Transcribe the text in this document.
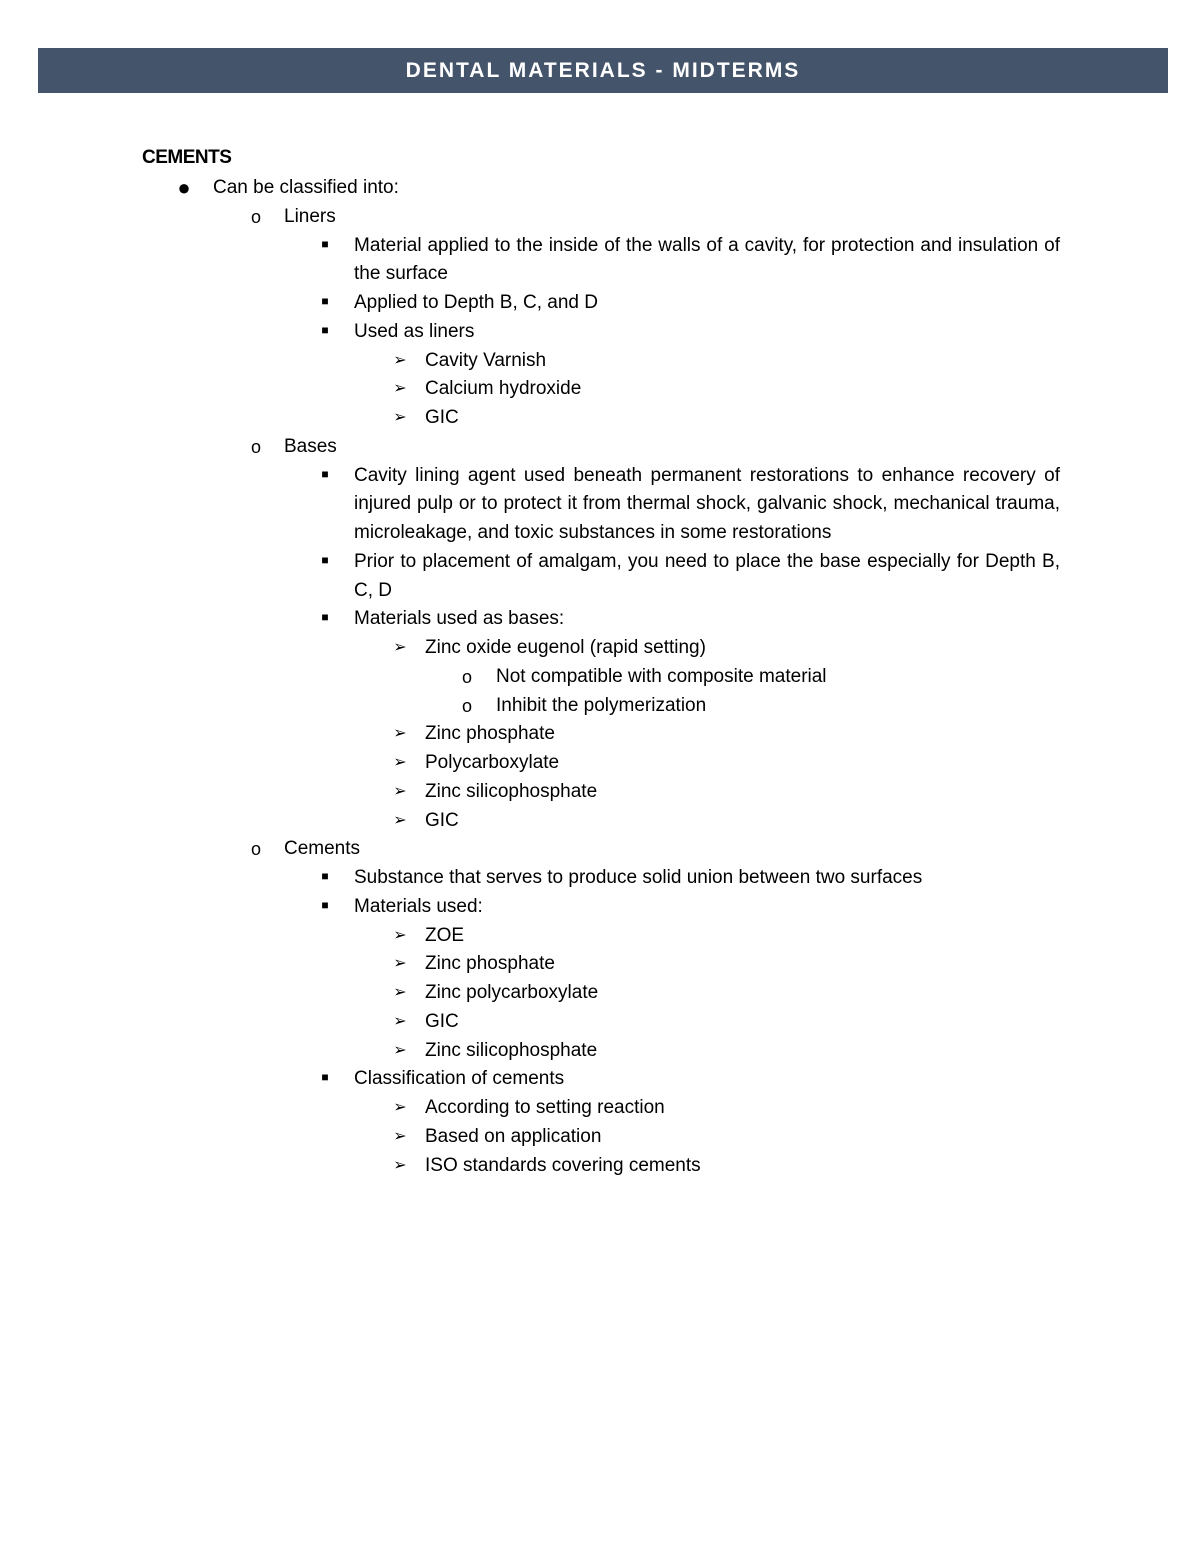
DENTAL MATERIALS - MIDTERMS
CEMENTS
● Can be classified into:
o Liners
■	Material applied to the inside of the walls of a cavity, for protection and insulation of the surface
■	Applied to Depth B, C, and D
■	Used as liners
➢ Cavity Varnish
➢ Calcium hydroxide
➢ GIC
o Bases
■	Cavity lining agent used beneath permanent restorations to enhance recovery of injured pulp or to protect it from thermal shock, galvanic shock, mechanical trauma, microleakage, and toxic substances in some restorations
■	Prior to placement of amalgam, you need to place the base especially for Depth B, C, D
■	Materials used as bases:
➢ Zinc oxide eugenol (rapid setting)
o Not compatible with composite material
o Inhibit the polymerization
➢ Zinc phosphate
➢ Polycarboxylate
➢ Zinc silicophosphate
➢ GIC
o Cements
■	Substance that serves to produce solid union between two surfaces
■	Materials used:
➢ ZOE
➢ Zinc phosphate
➢ Zinc polycarboxylate
➢ GIC
➢ Zinc silicophosphate
■	Classification of cements
➢ According to setting reaction
➢ Based on application
➢ ISO standards covering cements
